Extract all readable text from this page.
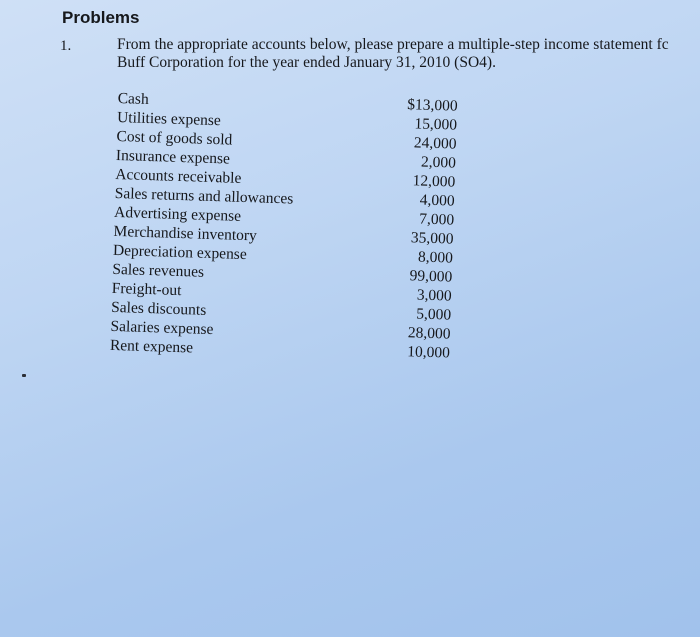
Problems
1.	From the appropriate accounts below, please prepare a multiple-step income statement fc
Buff Corporation for the year ended January 31, 2010 (SO4).
Cash	$13,000
Utilities expense	15,000
Cost of goods sold	24,000
Insurance expense	2,000
Accounts receivable	12,000
Sales returns and allowances	4,000
Advertising expense	7,000
Merchandise inventory	35,000
Depreciation expense	8,000
Sales revenues	99,000
Freight-out	3,000
Sales discounts	5,000
Salaries expense	28,000
Rent expense	10,000
